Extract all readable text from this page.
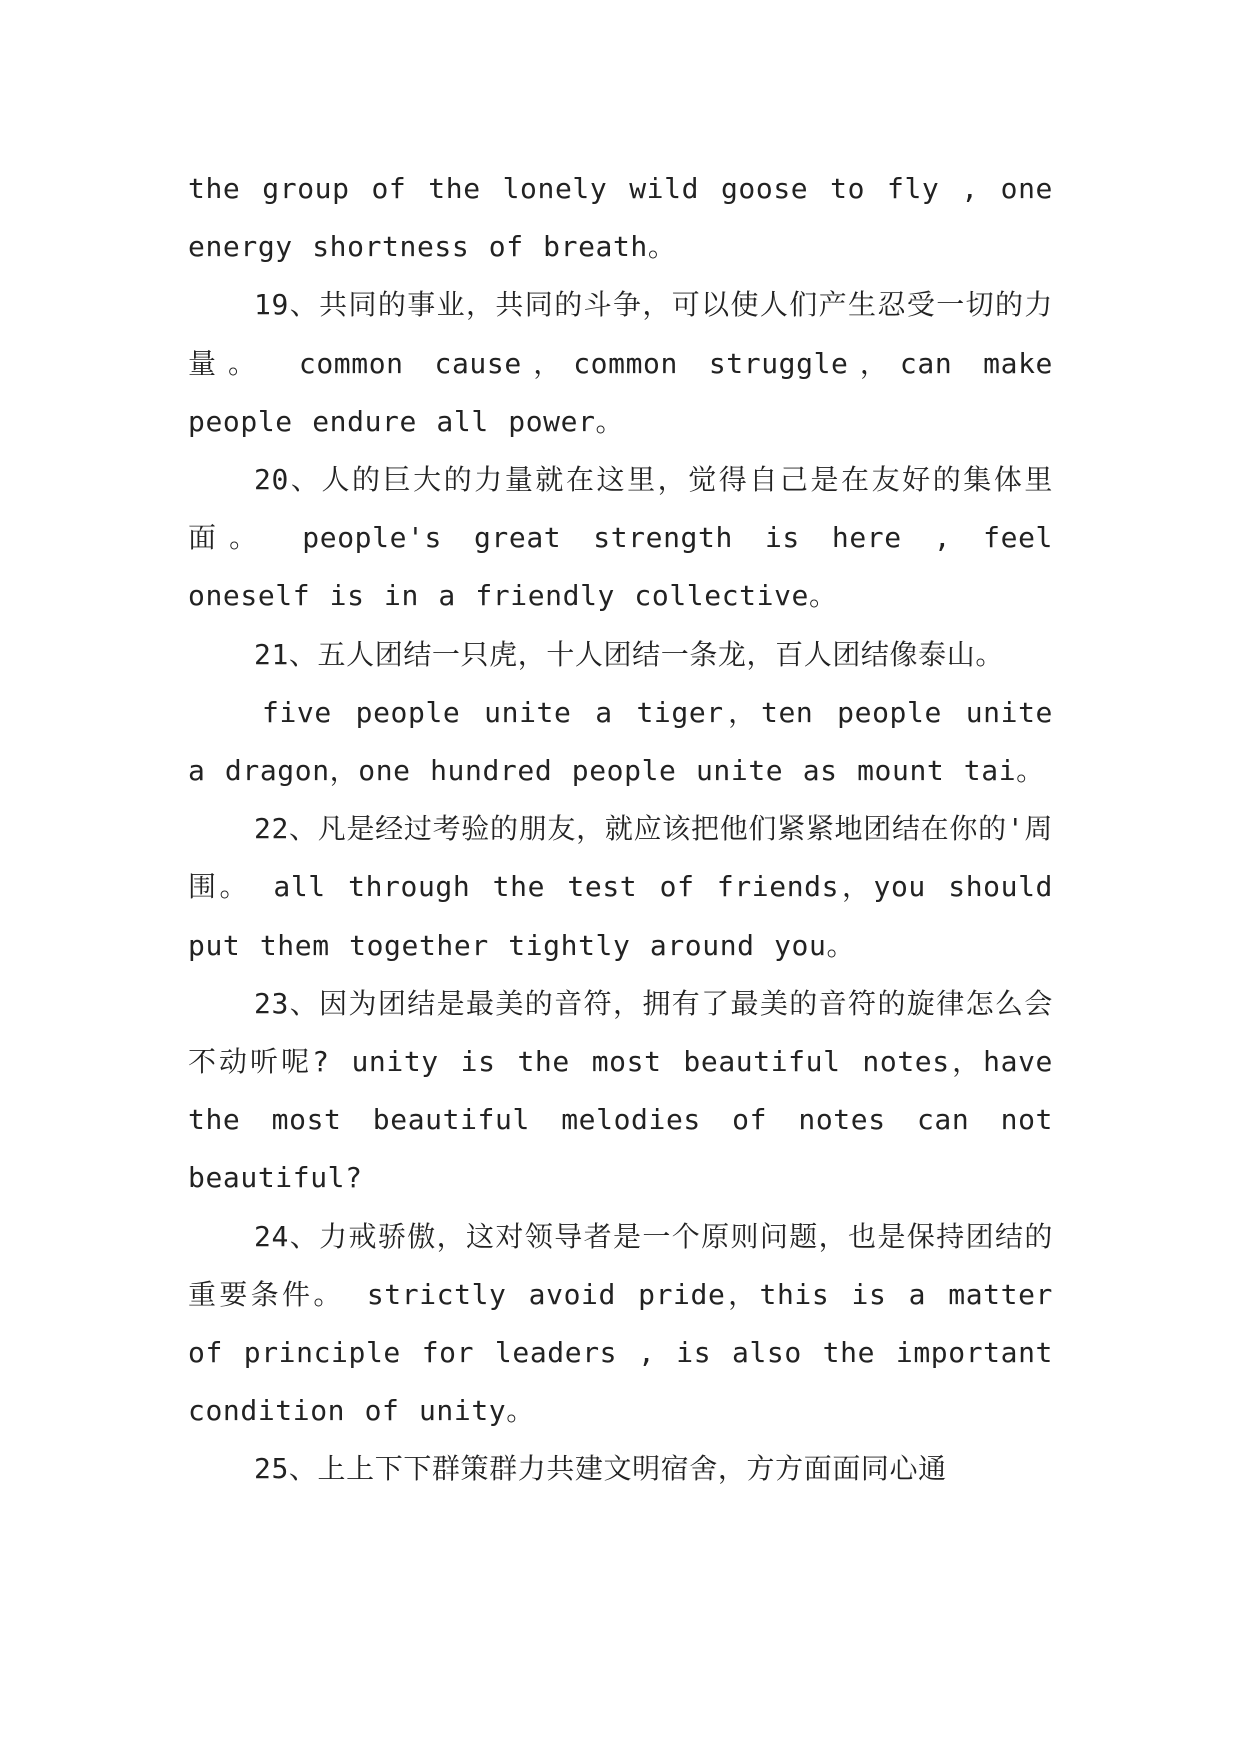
the group of the lonely wild goose to fly , one energy shortness of breath。

19、共同的事业，共同的斗争，可以使人们产生忍受一切的力量。 common cause，common struggle，can make people endure all power。

20、人的巨大的力量就在这里，觉得自己是在友好的集体里面。 people's great strength is here , feel oneself is in a friendly collective。

21、五人团结一只虎，十人团结一条龙，百人团结像泰山。

five people unite a tiger，ten people unite a dragon，one hundred people unite as mount tai。

22、凡是经过考验的朋友，就应该把他们紧紧地团结在你的'周围。 all through the test of friends，you should put them together tightly around you。

23、因为团结是最美的音符，拥有了最美的音符的旋律怎么会不动听呢? unity is the most beautiful notes，have the most beautiful melodies of notes can not beautiful?

24、力戒骄傲，这对领导者是一个原则问题，也是保持团结的重要条件。 strictly avoid pride，this is a matter of principle for leaders , is also the important condition of unity。

25、上上下下群策群力共建文明宿舍，方方面面同心通
